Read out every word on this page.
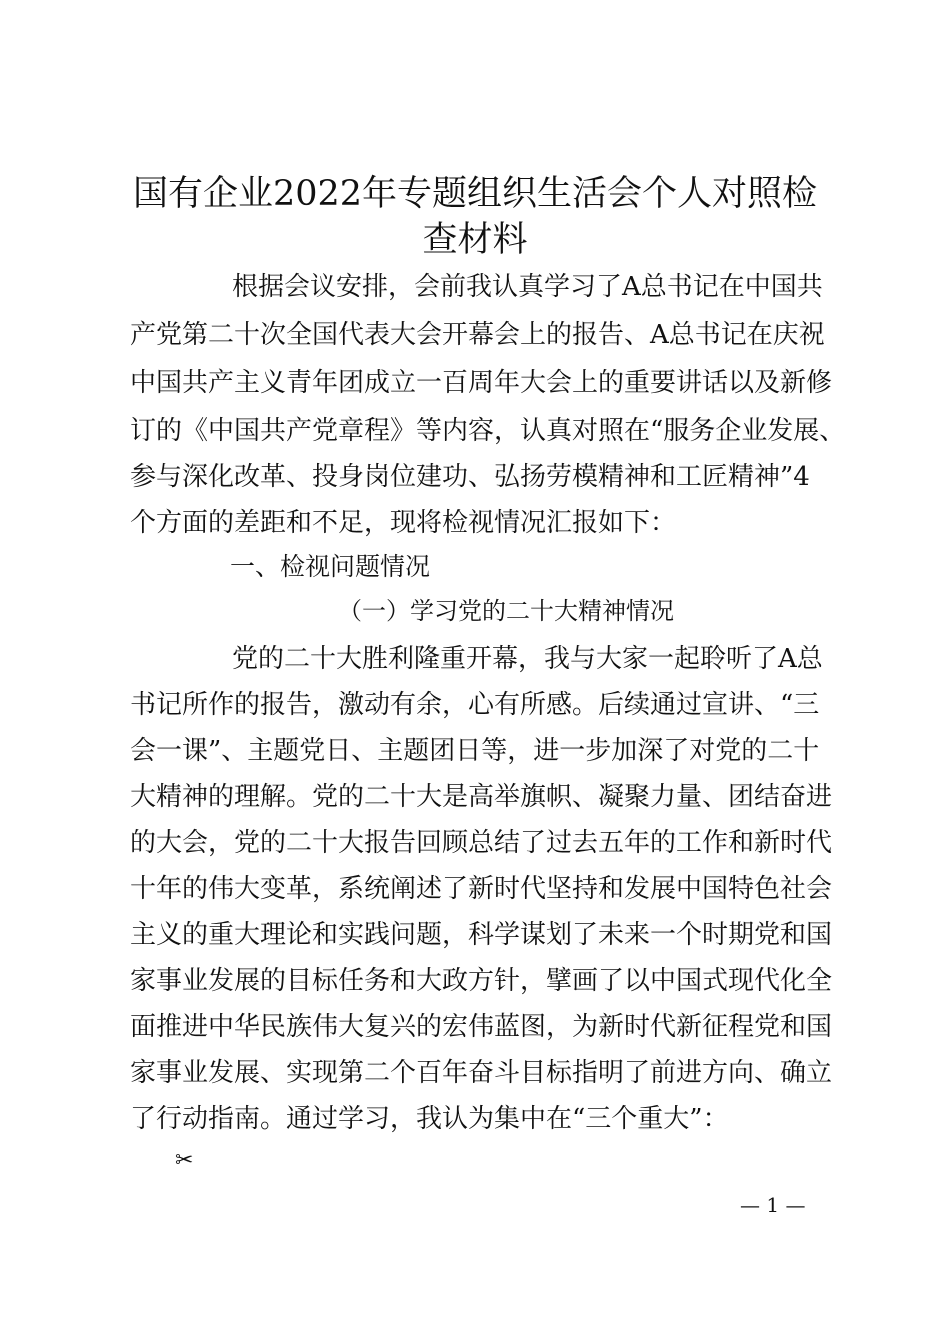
国有企业2022年专题组织生活会个人对照检
查材料
根据会议安排，会前我认真学习了A总书记在中国共
产党第二十次全国代表大会开幕会上的报告、A总书记在庆祝
中国共产主义青年团成立一百周年大会上的重要讲话以及新修
订的《中国共产党章程》等内容，认真对照在“服务企业发展、
参与深化改革、投身岗位建功、弘扬劳模精神和工匠精神”4
个方面的差距和不足，现将检视情况汇报如下：
一、检视问题情况
（一）学习党的二十大精神情况
党的二十大胜利隆重开幕，我与大家一起聆听了A总
书记所作的报告，激动有余，心有所感。后续通过宣讲、“三
会一课”、主题党日、主题团日等，进一步加深了对党的二十
大精神的理解。党的二十大是高举旗帜、凝聚力量、团结奋进
的大会，党的二十大报告回顾总结了过去五年的工作和新时代
十年的伟大变革，系统阐述了新时代坚持和发展中国特色社会
主义的重大理论和实践问题，科学谋划了未来一个时期党和国
家事业发展的目标任务和大政方针，擘画了以中国式现代化全
面推进中华民族伟大复兴的宏伟蓝图，为新时代新征程党和国
家事业发展、实现第二个百年奋斗目标指明了前进方向、确立
了行动指南。通过学习，我认为集中在“三个重大”：
✂
— 1 —
